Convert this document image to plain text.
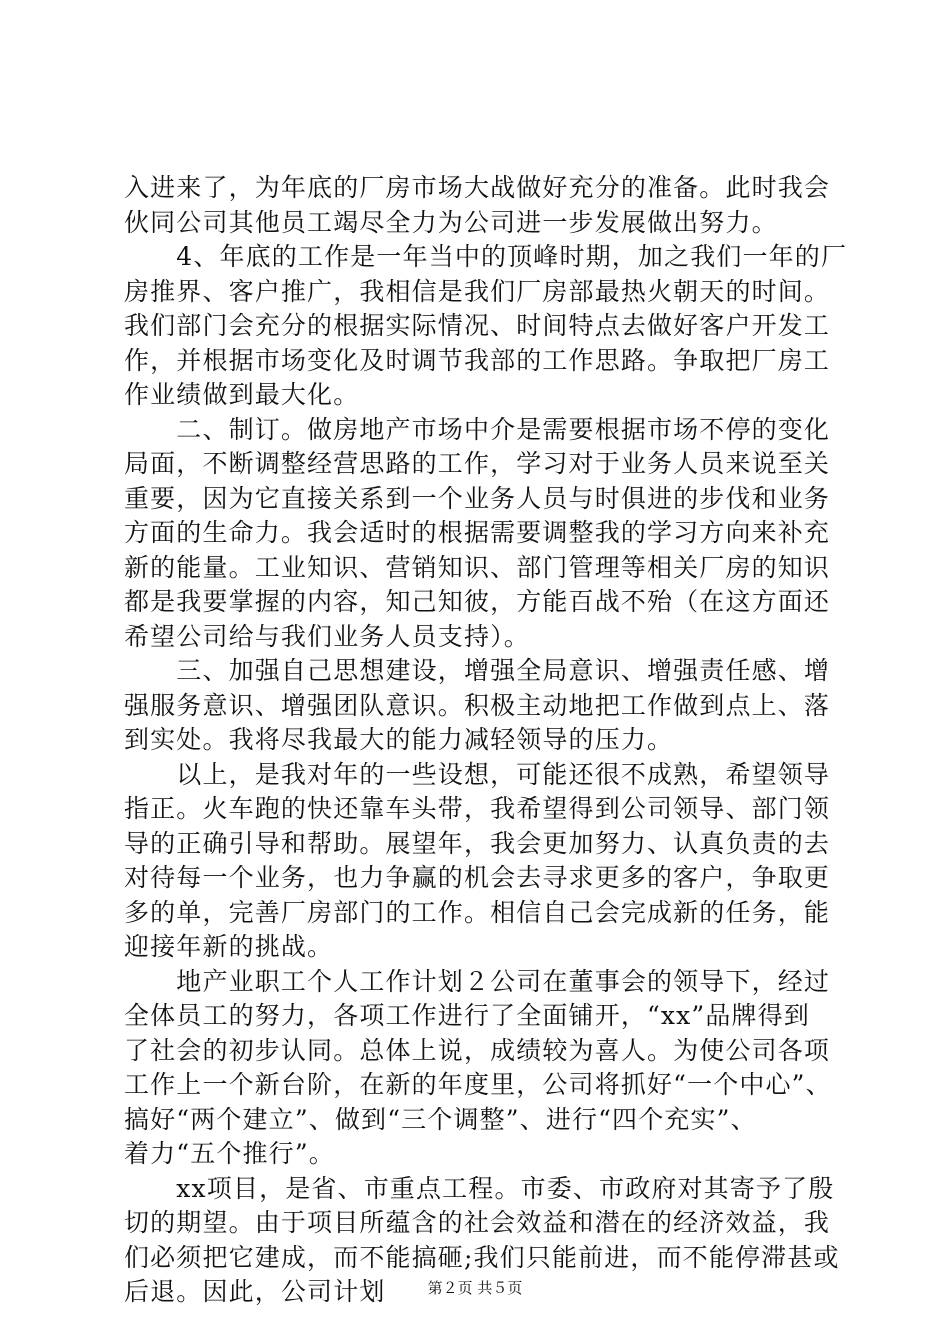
入进来了，为年底的厂房市场大战做好充分的准备。此时我会
伙同公司其他员工竭尽全力为公司进一步发展做出努力。
　　4、年底的工作是一年当中的顶峰时期，加之我们一年的厂
房推界、客户推广，我相信是我们厂房部最热火朝天的时间。
我们部门会充分的根据实际情况、时间特点去做好客户开发工
作，并根据市场变化及时调节我部的工作思路。争取把厂房工
作业绩做到最大化。
　　二、制订。做房地产市场中介是需要根据市场不停的变化
局面，不断调整经营思路的工作，学习对于业务人员来说至关
重要，因为它直接关系到一个业务人员与时俱进的步伐和业务
方面的生命力。我会适时的根据需要调整我的学习方向来补充
新的能量。工业知识、营销知识、部门管理等相关厂房的知识
都是我要掌握的内容，知己知彼，方能百战不殆（在这方面还
希望公司给与我们业务人员支持）。
　　三、加强自己思想建设，增强全局意识、增强责任感、增
强服务意识、增强团队意识。积极主动地把工作做到点上、落
到实处。我将尽我最大的能力减轻领导的压力。
　　以上，是我对年的一些设想，可能还很不成熟，希望领导
指正。火车跑的快还靠车头带，我希望得到公司领导、部门领
导的正确引导和帮助。展望年，我会更加努力、认真负责的去
对待每一个业务，也力争赢的机会去寻求更多的客户，争取更
多的单，完善厂房部门的工作。相信自己会完成新的任务，能
迎接年新的挑战。
　　地产业职工个人工作计划２公司在董事会的领导下，经过
全体员工的努力，各项工作进行了全面铺开，“xx”品牌得到
了社会的初步认同。总体上说，成绩较为喜人。为使公司各项
工作上一个新台阶，在新的年度里，公司将抓好“一个中心”、
搞好“两个建立”、做到“三个调整”、进行“四个充实”、
着力“五个推行”。
　　xx项目，是省、市重点工程。市委、市政府对其寄予了殷
切的期望。由于项目所蕴含的社会效益和潜在的经济效益，我
们必须把它建成，而不能搞砸;我们只能前进，而不能停滞甚或
后退。因此，公司计划	第２页 共５页
